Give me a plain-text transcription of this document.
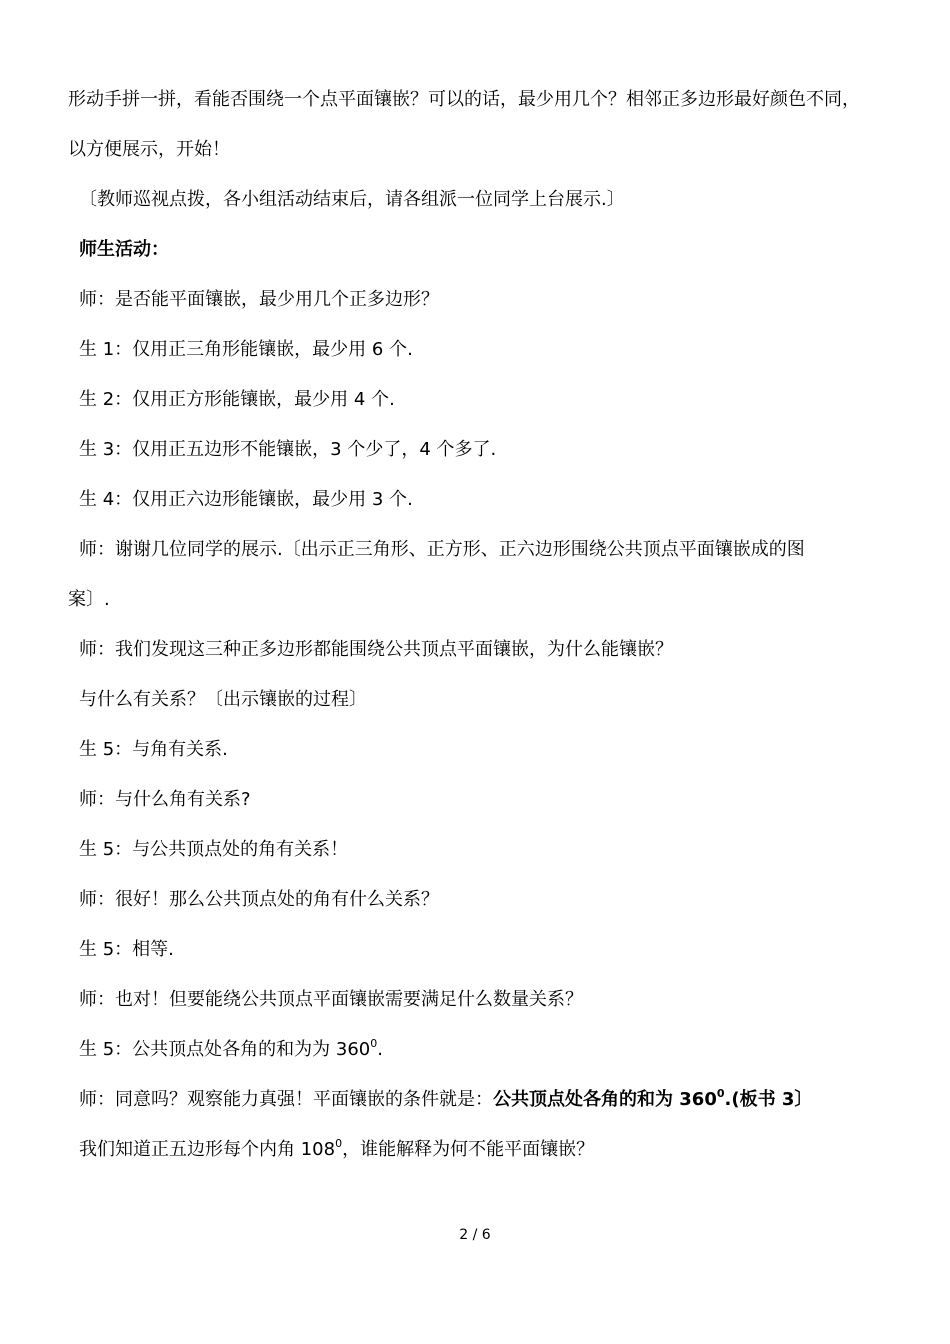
形动手拼一拼，看能否围绕一个点平面镶嵌？可以的话，最少用几个？相邻正多边形最好颜色不同，
以方便展示，开始！
〔教师巡视点拨，各小组活动结束后，请各组派一位同学上台展示.〕
师生活动：
师：是否能平面镶嵌，最少用几个正多边形？
生 1：仅用正三角形能镶嵌，最少用 6 个.
生 2：仅用正方形能镶嵌，最少用 4 个.
生 3：仅用正五边形不能镶嵌，3 个少了，4 个多了.
生 4：仅用正六边形能镶嵌，最少用 3 个.
师：谢谢几位同学的展示.〔出示正三角形、正方形、正六边形围绕公共顶点平面镶嵌成的图
案〕.
师：我们发现这三种正多边形都能围绕公共顶点平面镶嵌，为什么能镶嵌？
与什么有关系？〔出示镶嵌的过程〕
生 5：与角有关系.
师：与什么角有关系?
生 5：与公共顶点处的角有关系！
师：很好！那么公共顶点处的角有什么关系？
生 5：相等.
师：也对！但要能绕公共顶点平面镶嵌需要满足什么数量关系？
生 5：公共顶点处各角的和为为 $360^0$.
师：同意吗？观察能力真强！平面镶嵌的条件就是：公共顶点处各角的和为 $360^0$.(板书 3〕
我们知道正五边形每个内角 $108^0$，谁能解释为何不能平面镶嵌？
2 / 6
